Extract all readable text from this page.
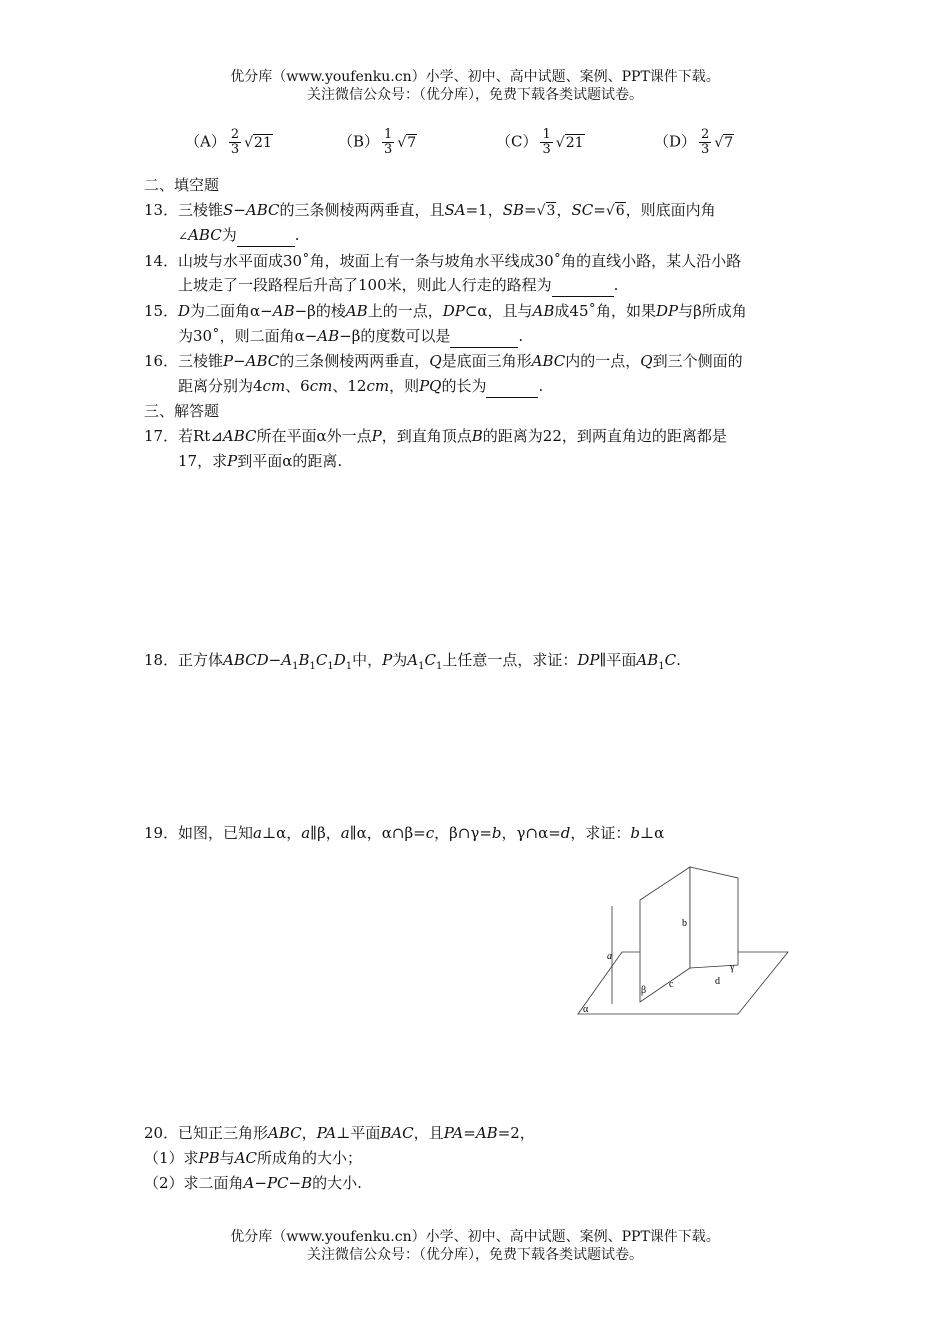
优分库（www.youfenku.cn）小学、初中、高中试题、案例、PPT课件下载。
关注微信公众号：（优分库），免费下载各类试题试卷。
$(A) \frac{2}{3} √21$	$(B) \frac{1}{3} √7$	$(C) \frac{1}{3} √21$	$(D) \frac{2}{3} √7$
二、填空题
13．三棱锥S−ABC的三条侧棱两两垂直，且SA=1，SB=√3，SC=√6，则底面内角
∠ABC为	.
14．山坡与水平面成30˚角，坡面上有一条与坡角水平线成30˚角的直线小路，某人沿小路
上坡走了一段路程后升高了100米，则此人行走的路程为	.
15．D为二面角α−AB−β的棱AB上的一点，DP⊂α，且与AB成45˚角，如果DP与β所成角
为30˚，则二面角α−AB−β的度数可以是	.
16．三棱锥P−ABC的三条侧棱两两垂直，Q是底面三角形ABC内的一点，Q到三个侧面的
距离分别为4cm、6cm、12cm，则PQ的长为	.
三、解答题
17．若Rt⊿ABC所在平面α外一点P，到直角顶点B的距离为22，到两直角边的距离都是
17，求P到平面α的距离.
18．正方体$ABCD-A_1B_1C_1D_1$中，P为$A_1C_1$上任意一点，求证：DP∥平面$AB_1C$.
19．如图，已知a⊥α，a∥β，a∥α，α∩β=c，β∩γ=b，γ∩α=d，求证：b⊥α
a
b
c	d
α
β
γ
20．已知正三角形ABC，PA⊥平面BAC，且PA=AB=2，
（1）求PB与AC所成角的大小；
（2）求二面角A−PC−B的大小.
优分库（www.youfenku.cn）小学、初中、高中试题、案例、PPT课件下载。
关注微信公众号：（优分库），免费下载各类试题试卷。
